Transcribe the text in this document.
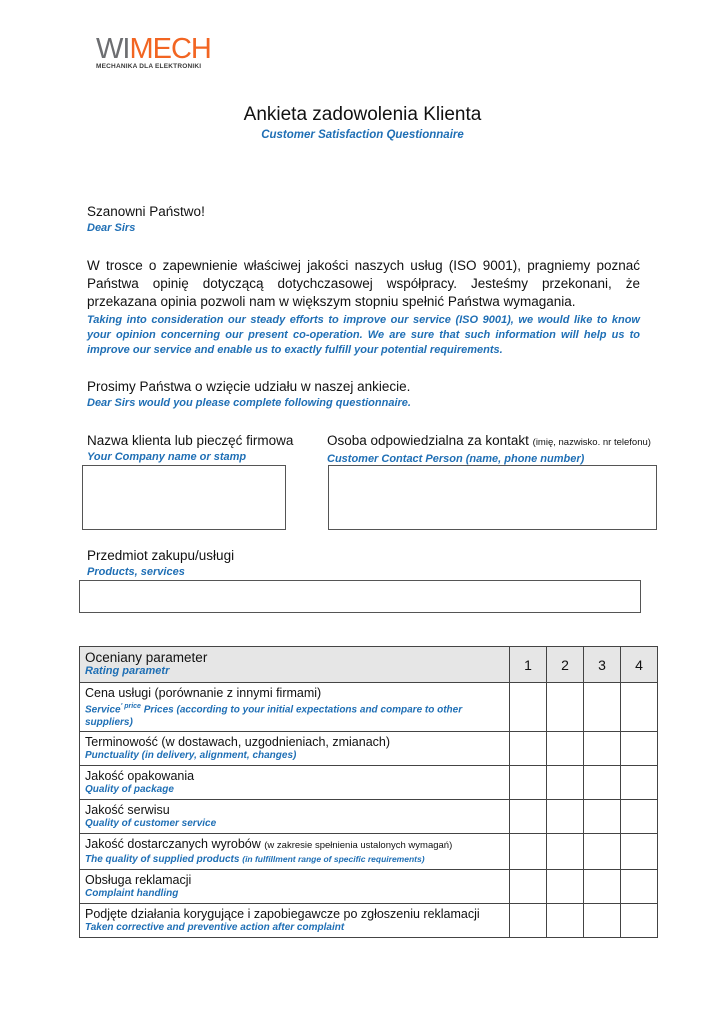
WIMECH
MECHANIKA DLA ELEKTRONIKI
Ankieta zadowolenia Klienta
Customer Satisfaction Questionnaire
Szanowni Państwo!
Dear Sirs
W trosce o zapewnienie właściwej jakości naszych usług (ISO 9001), pragniemy poznać Państwa opinię dotyczącą dotychczasowej współpracy. Jesteśmy przekonani, że przekazana opinia pozwoli nam w większym stopniu spełnić Państwa wymagania.
Taking into consideration our steady efforts to improve our service (ISO 9001), we would like to know your opinion concerning our present co-operation. We are sure that such information will help us to improve our service and enable us to exactly fulfill your potential requirements.
Prosimy Państwa o wzięcie udziału w naszej ankiecie.
Dear Sirs would you please complete following questionnaire.
Nazwa klienta lub pieczęć firmowa
Your Company name or stamp
Osoba odpowiedzialna za kontakt (imię, nazwisko. nr telefonu)
Customer Contact Person (name, phone number)
Przedmiot zakupu/usługi
Products, services
Oceniany parameter
Rating parametr	1	2	3	4

Cena usługi (porównanie z innymi firmami)
Service$^{' price}$ Prices (according to your initial expectations and compare to other suppliers)				

Terminowość (w dostawach, uzgodnieniach, zmianach)
Punctuality (in delivery, alignment, changes)				

Jakość opakowania
Quality of package				

Jakość serwisu
Quality of customer service				

Jakość dostarczanych wyrobów (w zakresie spełnienia ustalonych wymagań)
The quality of supplied products (in fulfillment range of specific requirements)				

Obsługa reklamacji
Complaint handling				

Podjęte działania korygujące i zapobiegawcze po zgłoszeniu reklamacji
Taken corrective and preventive action after complaint				
